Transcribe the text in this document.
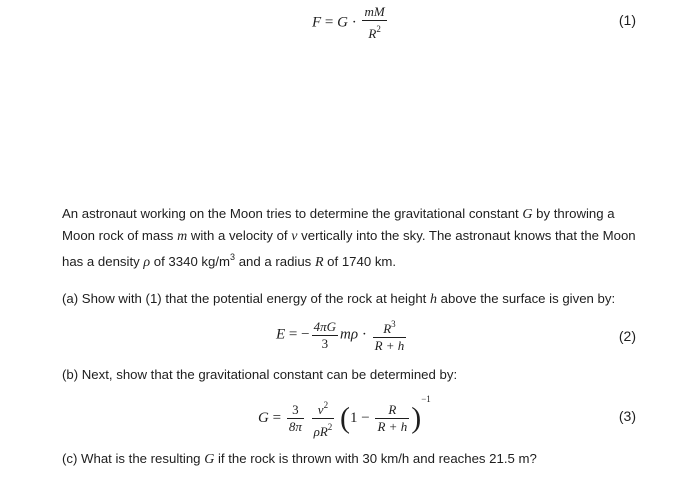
$F = G \cdot \frac{mM}{R^2}$	(1)
An astronaut working on the Moon tries to determine the gravitational constant G by throwing a Moon rock of mass m with a velocity of v vertically into the sky. The astronaut knows that the Moon has a density ρ of 3340 $kg/m^3$ and a radius R of 1740 km.
(a) Show with (1) that the potential energy of the rock at height h above the surface is given by:
E = − $\frac{4\pi G}{3}$ $m\rho \cdot \frac{R^3}{R + h}$	(2)
(b) Next, show that the gravitational constant can be determined by:
$G = \frac{3}{8\pi}$
$\frac{v^2}{\rho R^2} (1 - \frac{R}{R + h} )^{-1}$
(3)
(c) What is the resulting G if the rock is thrown with 30 km/h and reaches 21.5 m?
